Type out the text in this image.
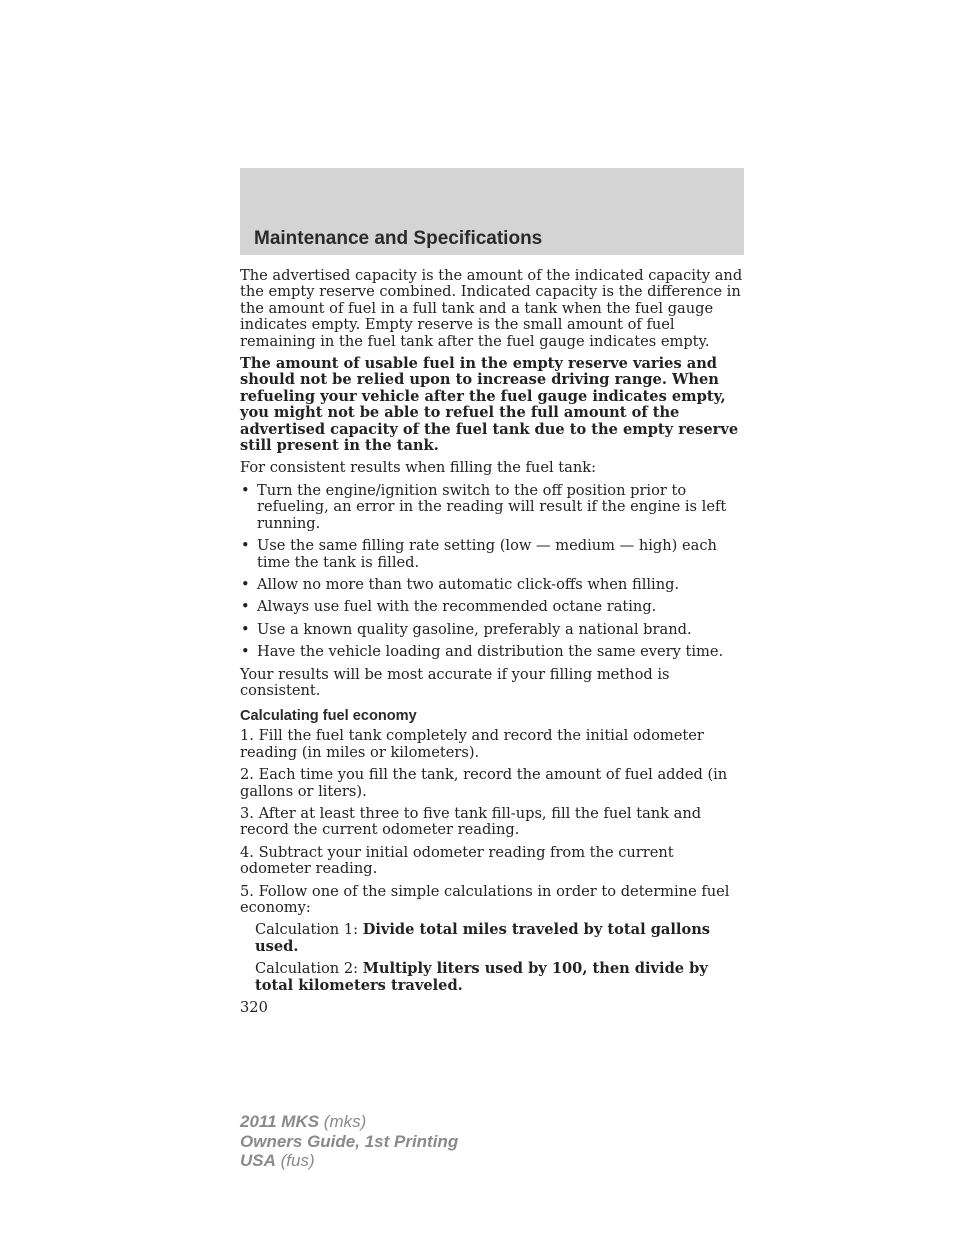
Maintenance and Specifications

The advertised capacity is the amount of the indicated capacity and the empty reserve combined. Indicated capacity is the difference in the amount of fuel in a full tank and a tank when the fuel gauge indicates empty. Empty reserve is the small amount of fuel remaining in the fuel tank after the fuel gauge indicates empty.

The amount of usable fuel in the empty reserve varies and should not be relied upon to increase driving range. When refueling your vehicle after the fuel gauge indicates empty, you might not be able to refuel the full amount of the advertised capacity of the fuel tank due to the empty reserve still present in the tank.

For consistent results when filling the fuel tank:

• Turn the engine/ignition switch to the off position prior to refueling, an error in the reading will result if the engine is left running.
• Use the same filling rate setting (low — medium — high) each time the tank is filled.
• Allow no more than two automatic click-offs when filling.
• Always use fuel with the recommended octane rating.
• Use a known quality gasoline, preferably a national brand.
• Have the vehicle loading and distribution the same every time.

Your results will be most accurate if your filling method is consistent.

Calculating fuel economy

1. Fill the fuel tank completely and record the initial odometer reading (in miles or kilometers).

2. Each time you fill the tank, record the amount of fuel added (in gallons or liters).

3. After at least three to five tank fill-ups, fill the fuel tank and record the current odometer reading.

4. Subtract your initial odometer reading from the current odometer reading.

5. Follow one of the simple calculations in order to determine fuel economy:

Calculation 1: Divide total miles traveled by total gallons used.

Calculation 2: Multiply liters used by 100, then divide by total kilometers traveled.

320

2011 MKS (mks)
Owners Guide, 1st Printing
USA (fus)
